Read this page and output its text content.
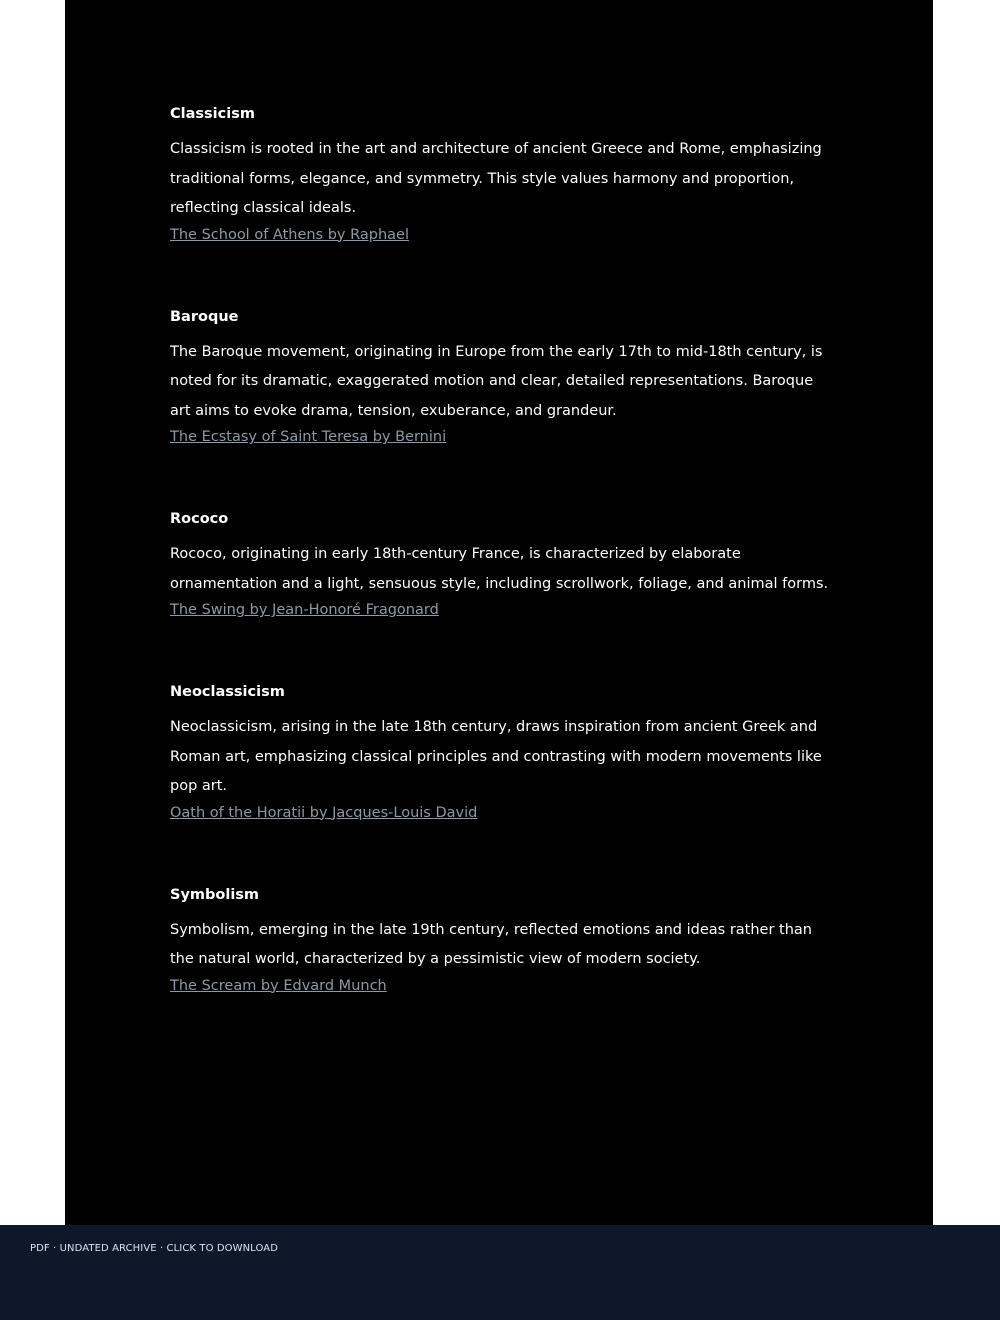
Classicism

Classicism is rooted in the art and architecture of ancient Greece and Rome, emphasizing traditional forms, elegance, and symmetry. This style values harmony and proportion, reflecting classical ideals.

The School of Athens by Raphael
Baroque

The Baroque movement, originating in Europe from the early 17th to mid-18th century, is noted for its dramatic, exaggerated motion and clear, detailed representations. Baroque art aims to evoke drama, tension, exuberance, and grandeur.

The Ecstasy of Saint Teresa by Bernini
Rococo

Rococo, originating in early 18th-century France, is characterized by elaborate ornamentation and a light, sensuous style, including scrollwork, foliage, and animal forms.

The Swing by Jean-Honoré Fragonard
Neoclassicism

Neoclassicism, arising in the late 18th century, draws inspiration from ancient Greek and Roman art, emphasizing classical principles and contrasting with modern movements like pop art.

Oath of the Horatii by Jacques-Louis David
Symbolism

Symbolism, emerging in the late 19th century, reflected emotions and ideas rather than the natural world, characterized by a pessimistic view of modern society.

The Scream by Edvard Munch
PDF · UNDATED ARCHIVE · CLICK TO DOWNLOAD
